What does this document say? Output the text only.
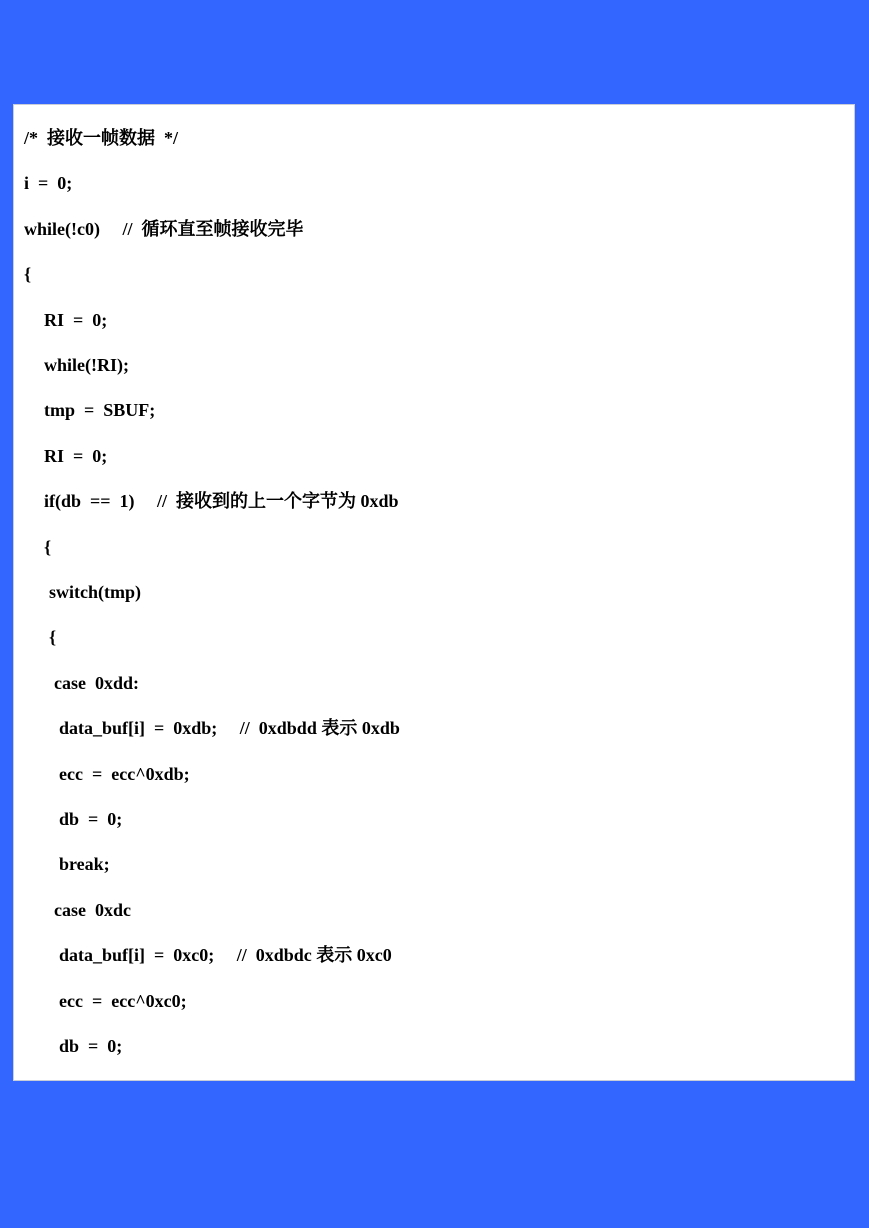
/*  接收一帧数据  */
i  =  0;
while(!c0)     //  循环直至帧接收完毕
{
RI  =  0;
while(!RI);
tmp  =  SBUF;
RI  =  0;
if(db  ==  1)     //  接收到的上一个字节为 0xdb
{
switch(tmp)
{
case  0xdd:
data_buf[i]  =  0xdb;     //  0xdbdd 表示 0xdb
ecc  =  ecc^0xdb;
db  =  0;
break;
case  0xdc
data_buf[i]  =  0xc0;     //  0xdbdc 表示 0xc0
ecc  =  ecc^0xc0;
db  =  0;
